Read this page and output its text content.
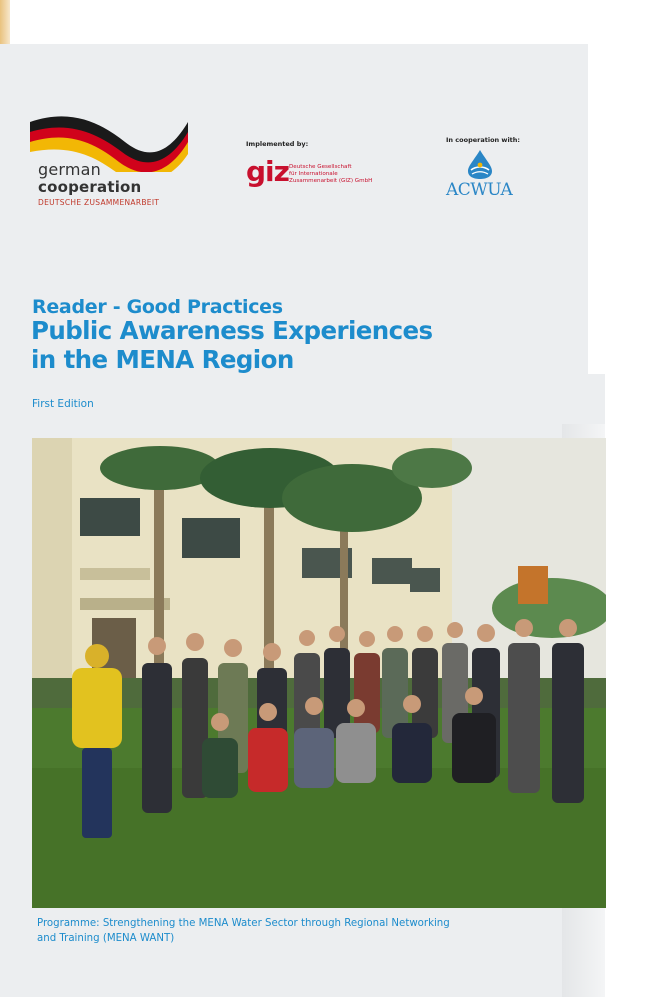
german
cooperation
DEUTSCHE ZUSAMMENARBEIT
Implemented by:
giz Deutsche Gesellschaft
für Internationale
Zusammenarbeit (GIZ) GmbH
In cooperation with:
ACWUA
Reader - Good Practices
Public Awareness Experiences in the MENA Region
First Edition
Programme: Strengthening the MENA Water Sector through Regional Networking and Training (MENA WANT)
